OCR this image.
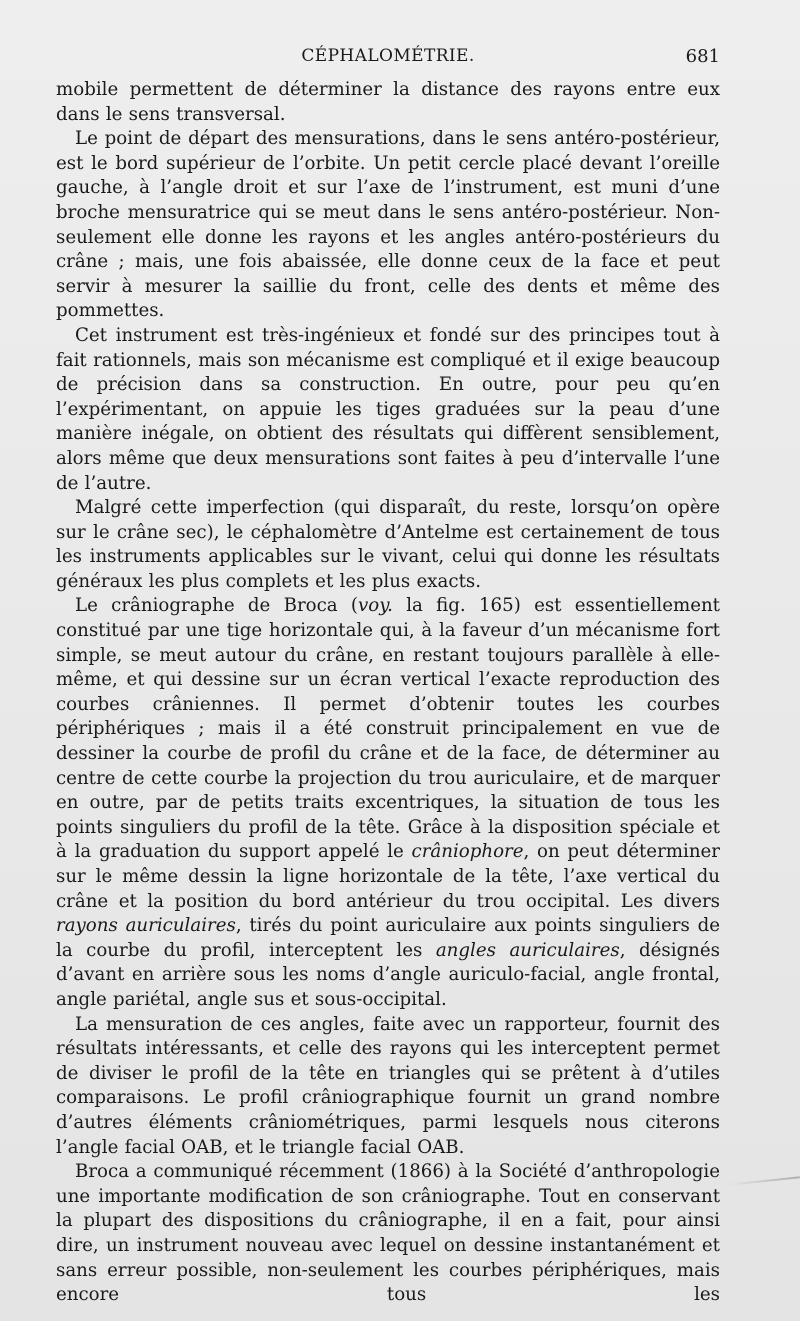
CÉPHALOMÉTRIE.	681

mobile permettent de déterminer la distance des rayons entre eux dans le sens transversal.

Le point de départ des mensurations, dans le sens antéro-postérieur, est le bord supérieur de l’orbite. Un petit cercle placé devant l’oreille gauche, à l’angle droit et sur l’axe de l’instrument, est muni d’une broche mensuratrice qui se meut dans le sens antéro-postérieur. Non-seulement elle donne les rayons et les angles antéro-postérieurs du crâne ; mais, une fois abaissée, elle donne ceux de la face et peut servir à mesurer la saillie du front, celle des dents et même des pommettes.

Cet instrument est très-ingénieux et fondé sur des principes tout à fait rationnels, mais son mécanisme est compliqué et il exige beaucoup de précision dans sa construction. En outre, pour peu qu’en l’expérimentant, on appuie les tiges graduées sur la peau d’une manière inégale, on obtient des résultats qui diffèrent sensiblement, alors même que deux mensurations sont faites à peu d’intervalle l’une de l’autre.

Malgré cette imperfection (qui disparaît, du reste, lorsqu’on opère sur le crâne sec), le céphalomètre d’Antelme est certainement de tous les instruments applicables sur le vivant, celui qui donne les résultats généraux les plus complets et les plus exacts.

Le crâniographe de Broca (voy. la fig. 165) est essentiellement constitué par une tige horizontale qui, à la faveur d’un mécanisme fort simple, se meut autour du crâne, en restant toujours parallèle à elle-même, et qui dessine sur un écran vertical l’exacte reproduction des courbes crâniennes. Il permet d’obtenir toutes les courbes périphériques ; mais il a été construit principalement en vue de dessiner la courbe de profil du crâne et de la face, de déterminer au centre de cette courbe la projection du trou auriculaire, et de marquer en outre, par de petits traits excentriques, la situation de tous les points singuliers du profil de la tête. Grâce à la disposition spéciale et à la graduation du support appelé le crâniophore, on peut déterminer sur le même dessin la ligne horizontale de la tête, l’axe vertical du crâne et la position du bord antérieur du trou occipital. Les divers rayons auriculaires, tirés du point auriculaire aux points singuliers de la courbe du profil, interceptent les angles auriculaires, désignés d’avant en arrière sous les noms d’angle auriculo-facial, angle frontal, angle pariétal, angle sus et sous-occipital.

La mensuration de ces angles, faite avec un rapporteur, fournit des résultats intéressants, et celle des rayons qui les interceptent permet de diviser le profil de la tête en triangles qui se prêtent à d’utiles comparaisons. Le profil crâniographique fournit un grand nombre d’autres éléments crâniométriques, parmi lesquels nous citerons l’angle facial OAB, et le triangle facial OAB.

Broca a communiqué récemment (1866) à la Société d’anthropologie une importante modification de son crâniographe. Tout en conservant la plupart des dispositions du crâniographe, il en a fait, pour ainsi dire, un instrument nouveau avec lequel on dessine instantanément et sans erreur possible, non-seulement les courbes périphériques, mais encore tous les
